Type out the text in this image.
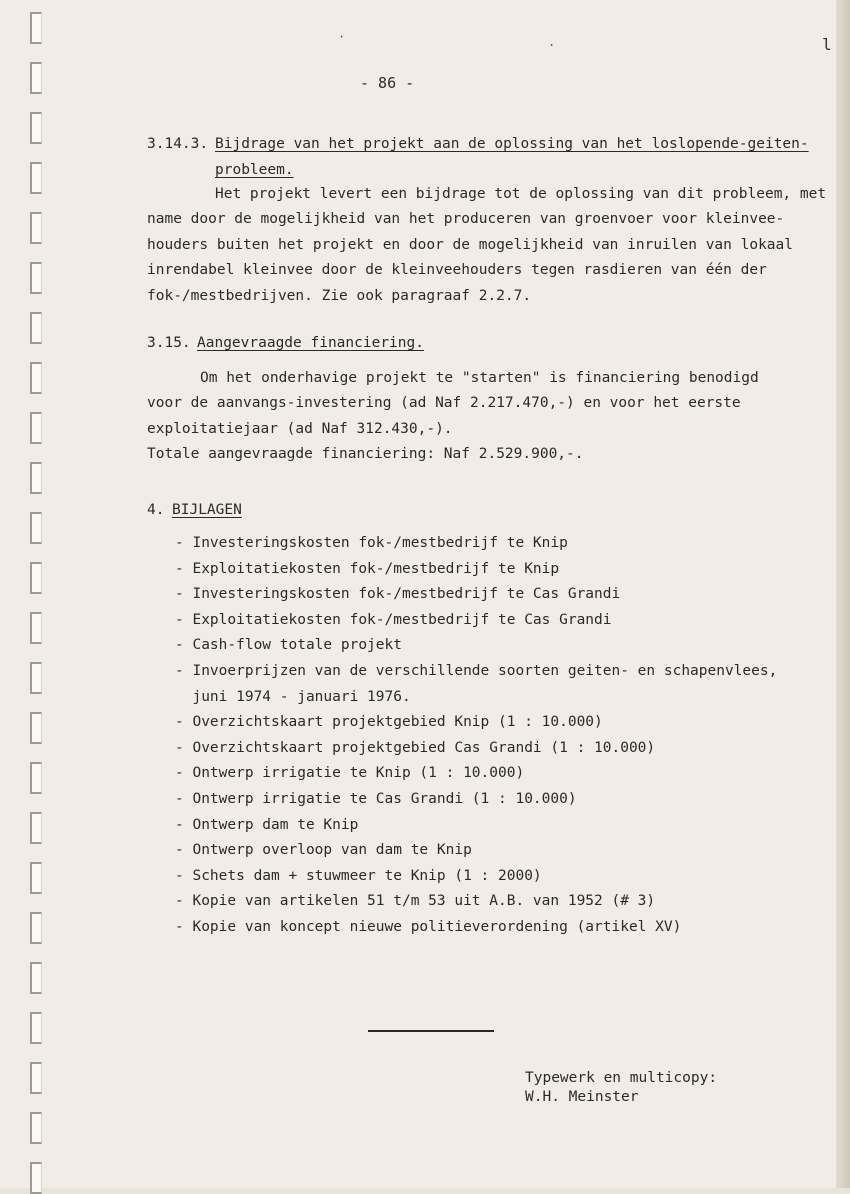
- 86 -
3.14.3. Bijdrage van het projekt aan de oplossing van het loslopende-geiten-
probleem.
Het projekt levert een bijdrage tot de oplossing van dit probleem, met
name door de mogelijkheid van het produceren van groenvoer voor kleinvee-
houders buiten het projekt en door de mogelijkheid van inruilen van lokaal
inrendabel kleinvee door de kleinveehouders tegen rasdieren van één der
fok-/mestbedrijven. Zie ook paragraaf 2.2.7.
3.15. Aangevraagde financiering.
Om het onderhavige projekt te "starten" is financiering benodigd
voor de aanvangs-investering (ad Naf 2.217.470,-) en voor het eerste
exploitatiejaar (ad Naf 312.430,-).
Totale aangevraagde financiering: Naf 2.529.900,-.
4. BIJLAGEN
- Investeringskosten fok-/mestbedrijf te Knip
- Exploitatiekosten fok-/mestbedrijf te Knip
- Investeringskosten fok-/mestbedrijf te Cas Grandi
- Exploitatiekosten fok-/mestbedrijf te Cas Grandi
- Cash-flow totale projekt
- Invoerprijzen van de verschillende soorten geiten- en schapenvlees,
juni 1974 - januari 1976.
- Overzichtskaart projektgebied Knip (1 : 10.000)
- Overzichtskaart projektgebied Cas Grandi (1 : 10.000)
- Ontwerp irrigatie te Knip (1 : 10.000)
- Ontwerp irrigatie te Cas Grandi (1 : 10.000)
- Ontwerp dam te Knip
- Ontwerp overloop van dam te Knip
- Schets dam + stuwmeer te Knip (1 : 2000)
- Kopie van artikelen 51 t/m 53 uit A.B. van 1952 (# 3)
- Kopie van koncept nieuwe politieverordening (artikel XV)
Typewerk en multicopy:
W.H. Meinster
·	.	l
